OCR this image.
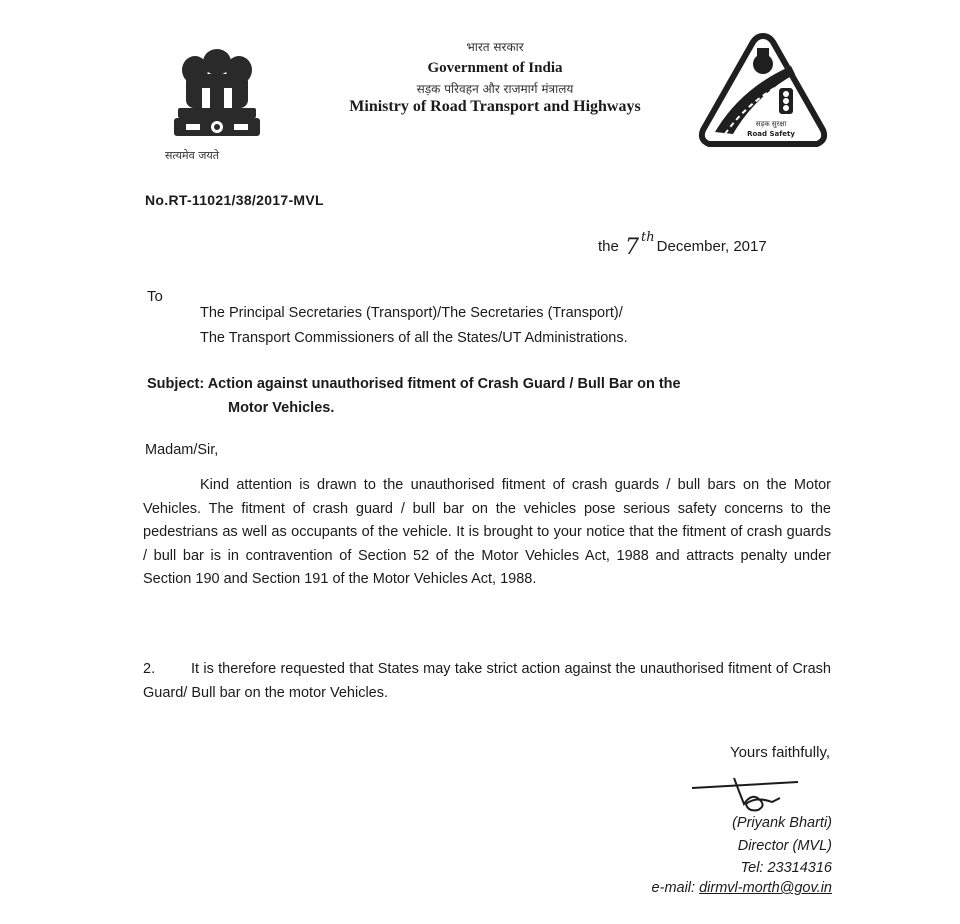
सत्यमेव जयते
भारत सरकार
Government of India
सड़क परिवहन और राजमार्ग मंत्रालय
Ministry of Road Transport and Highways
सड़क सुरक्षा
Road Safety
No.RT-11021/38/2017-MVL
the 7 thDecember, 2017
To
The Principal Secretaries (Transport)/The Secretaries (Transport)/
The Transport Commissioners of all the States/UT Administrations.
Subject: Action against unauthorised fitment of Crash Guard / Bull Bar on the
Motor Vehicles.
Madam/Sir,
Kind attention is drawn to the unauthorised fitment of crash guards / bull bars on the Motor Vehicles. The fitment of crash guard / bull bar on the vehicles pose serious safety concerns to the pedestrians as well as occupants of the vehicle. It is brought to your notice that the fitment of crash guards / bull bar is in contravention of Section 52 of the Motor Vehicles Act, 1988 and attracts penalty under Section 190 and Section 191 of the Motor Vehicles Act, 1988.
2. It is therefore requested that States may take strict action against the unauthorised fitment of Crash Guard/ Bull bar on the motor Vehicles.
Yours faithfully,
(Priyank Bharti)
Director (MVL)
Tel: 23314316
e-mail: dirmvl-morth@gov.in
